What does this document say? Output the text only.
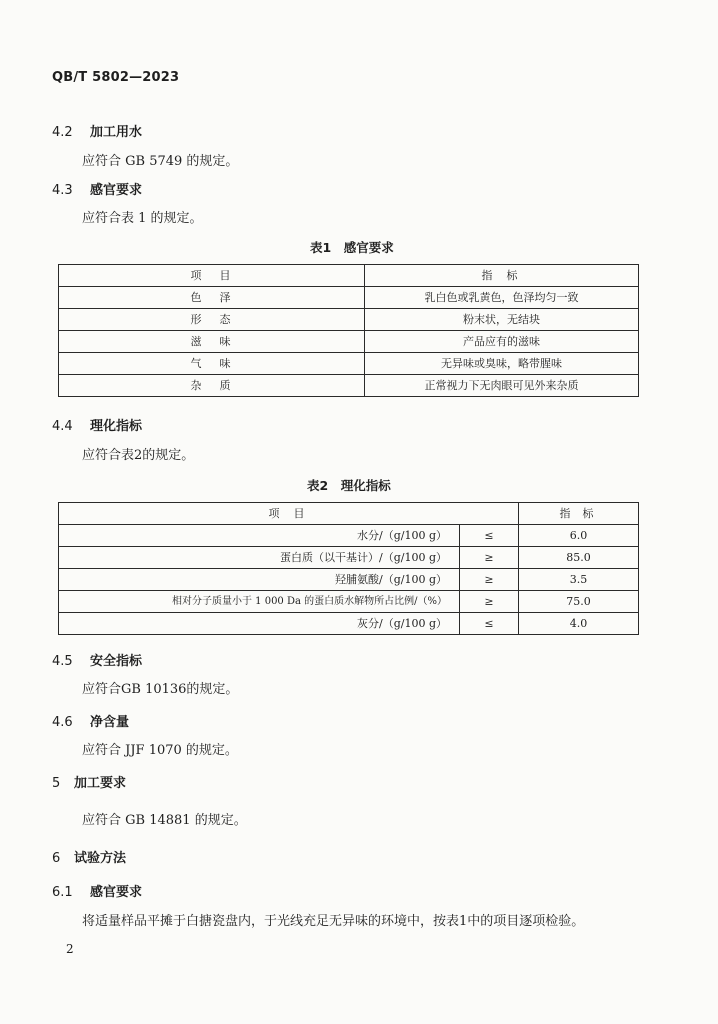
QB/T 5802—2023
4.2 加工用水
应符合 GB 5749 的规定。
4.3 感官要求
应符合表 1 的规定。
表1　感官要求
项目	指标
色泽	乳白色或乳黄色，色泽均匀一致
形态	粉末状，无结块
滋味	产品应有的滋味
气味	无异味或臭味，略带腥味
杂质	正常视力下无肉眼可见外来杂质
4.4 理化指标
应符合表2的规定。
表2　理化指标
项目		指标
水分/（g/100 g）	≤	6.0
蛋白质（以干基计）/（g/100 g）	≥	85.0
羟脯氨酸/（g/100 g）	≥	3.5
相对分子质量小于 1 000 Da 的蛋白质水解物所占比例/（%）	≥	75.0
灰分/（g/100 g）	≤	4.0
4.5 安全指标
应符合GB 10136的规定。
4.6 净含量
应符合 JJF 1070 的规定。
5 加工要求
应符合 GB 14881 的规定。
6 试验方法
6.1 感官要求
将适量样品平摊于白搪瓷盘内，于光线充足无异味的环境中，按表1中的项目逐项检验。
2
